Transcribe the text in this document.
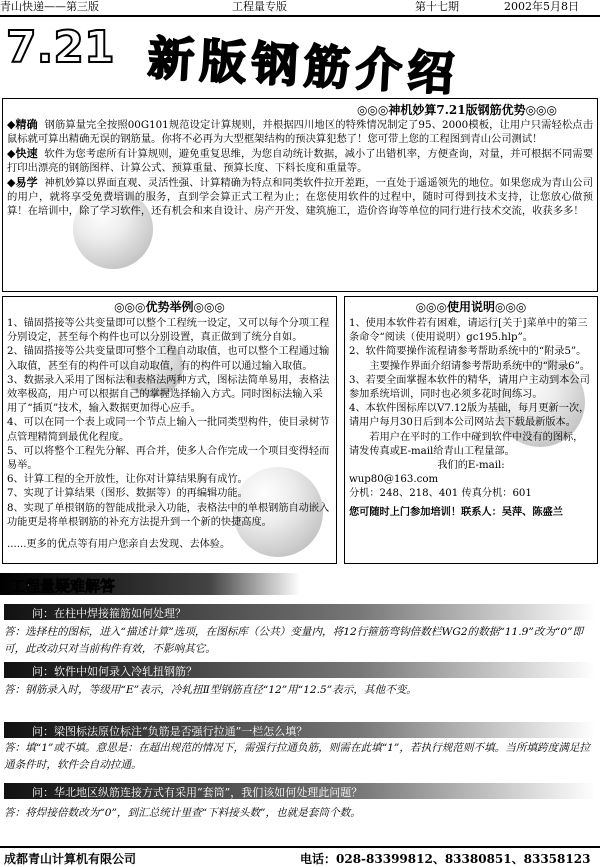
青山快递——第三版	工程量专版	第十七期	2002年5月8日
7.21 新版钢筋介绍
◎◎◎神机妙算7.21版钢筋优势◎◎◎
◆精确 钢筋算量完全按照00G101规范设定计算规则，并根据四川地区的特殊情况制定了95、2000模板，让用户只需轻松点击鼠标就可算出精确无误的钢筋量。你将不必再为大型框架结构的预决算犯愁了！您可带上您的工程图到青山公司测试！
◆快速 软件为您考虑所有计算规则，避免重复思维，为您自动统计数据，减小了出错机率，方便查询，对量，并可根据不同需要打印出漂亮的钢筋图样、计算公式、预算重量、预算长度、下料长度和重量等。
◆易学 神机妙算以界面直观、灵活性强、计算精确为特点和同类软件拉开差距，一直处于遥遥领先的地位。如果您成为青山公司的用户，就将享受免费培训的服务，直到学会算正式工程为止；在您使用软件的过程中，随时可得到技术支持，让您放心做预算！在培训中，除了学习软件，还有机会和来自设计、房产开发、建筑施工，造价咨询等单位的同行进行技术交流，收获多多！
◎◎◎优势举例◎◎◎

1、锚固搭接等公共变量即可以整个工程统一设定，又可以每个分项工程分别设定，甚至每个构件也可以分别设置，真正做到了统分自如。

2、锚固搭接等公共变量即可整个工程自动取值，也可以整个工程通过输入取值，甚至有的构件可以自动取值，有的构件可以通过输入取值。

3、数据录入采用了图标法和表格法两种方式，图标法简单易用，表格法效率极高，用户可以根据自己的掌握选择输入方式。同时图标法输入采用了“插页”技术，输入数据更加得心应手。

4、可以在同一个表上或同一个节点上输入一批同类型构件，使目录树节点管理精简到最优化程度。

5、可以将整个工程先分解、再合并，使多人合作完成一个项目变得轻而易举。

6、计算工程的全开放性，让你对计算结果胸有成竹。

7、实现了计算结果（图形、数据等）的再编辑功能。

8、实现了单根钢筋的智能成批录入功能，表格法中的单根钢筋自动嵌入功能更是将单根钢筋的补充方法提升到一个新的快捷高度。

......更多的优点等有用户您亲自去发现、去体验。

◎◎◎使用说明◎◎◎

1、使用本软件若有困难，请运行[关于]菜单中的第三条命令“阅读（使用说明）gc195.hlp”。

2、软件简要操作流程请参考帮助系统中的“附录5”。

主要操作界面介绍请参考帮助系统中的“附录6”。

3、若要全面掌握本软件的精华，请用户主动到本公司参加系统培训，同时也必须多花时间练习。

4、本软件图标库以V7.12版为基础，每月更新一次，请用户每月30日后到本公司网站去下载最新版本。

若用户在平时的工作中碰到软件中没有的图标，请发传真或E-mail给青山工程量部。

我们的E-mail:

wup80@163.com

分机：248、218、401 传真分机：601

您可随时上门参加培训！联系人：吴萍、陈盛兰

工程量疑难解答
问：在柱中焊接箍筋如何处理？
答：选择柱的图标，进入“描述计算”选项，在图标库（公共）变量内，将12行箍筋弯钩倍数栏WG2的数据“11.9”改为“0”即可，此改动只对当前构件有效，不影响其它。
问：软件中如何录入冷轧扭钢筋？
答：钢筋录入时，等级用“E”表示，冷轧扭Ⅱ型钢筋直径“12”用“12.5”表示，其他不变。
问：梁图标法原位标注“负筋是否强行拉通”一栏怎么填？
答：填“1”或不填。意思是：在超出规范的情况下，需强行拉通负筋，则需在此填“1”，若执行规范则不填。当所填跨度满足拉通条件时，软件会自动拉通。
问：华北地区纵筋连接方式有采用“套筒”，我们该如何处理此问题？
答：将焊接倍数改为“0”，到汇总统计里查“下料接头数”，也就是套筒个数。
成都青山计算机有限公司	电话：028-83399812、83380851、83358123
